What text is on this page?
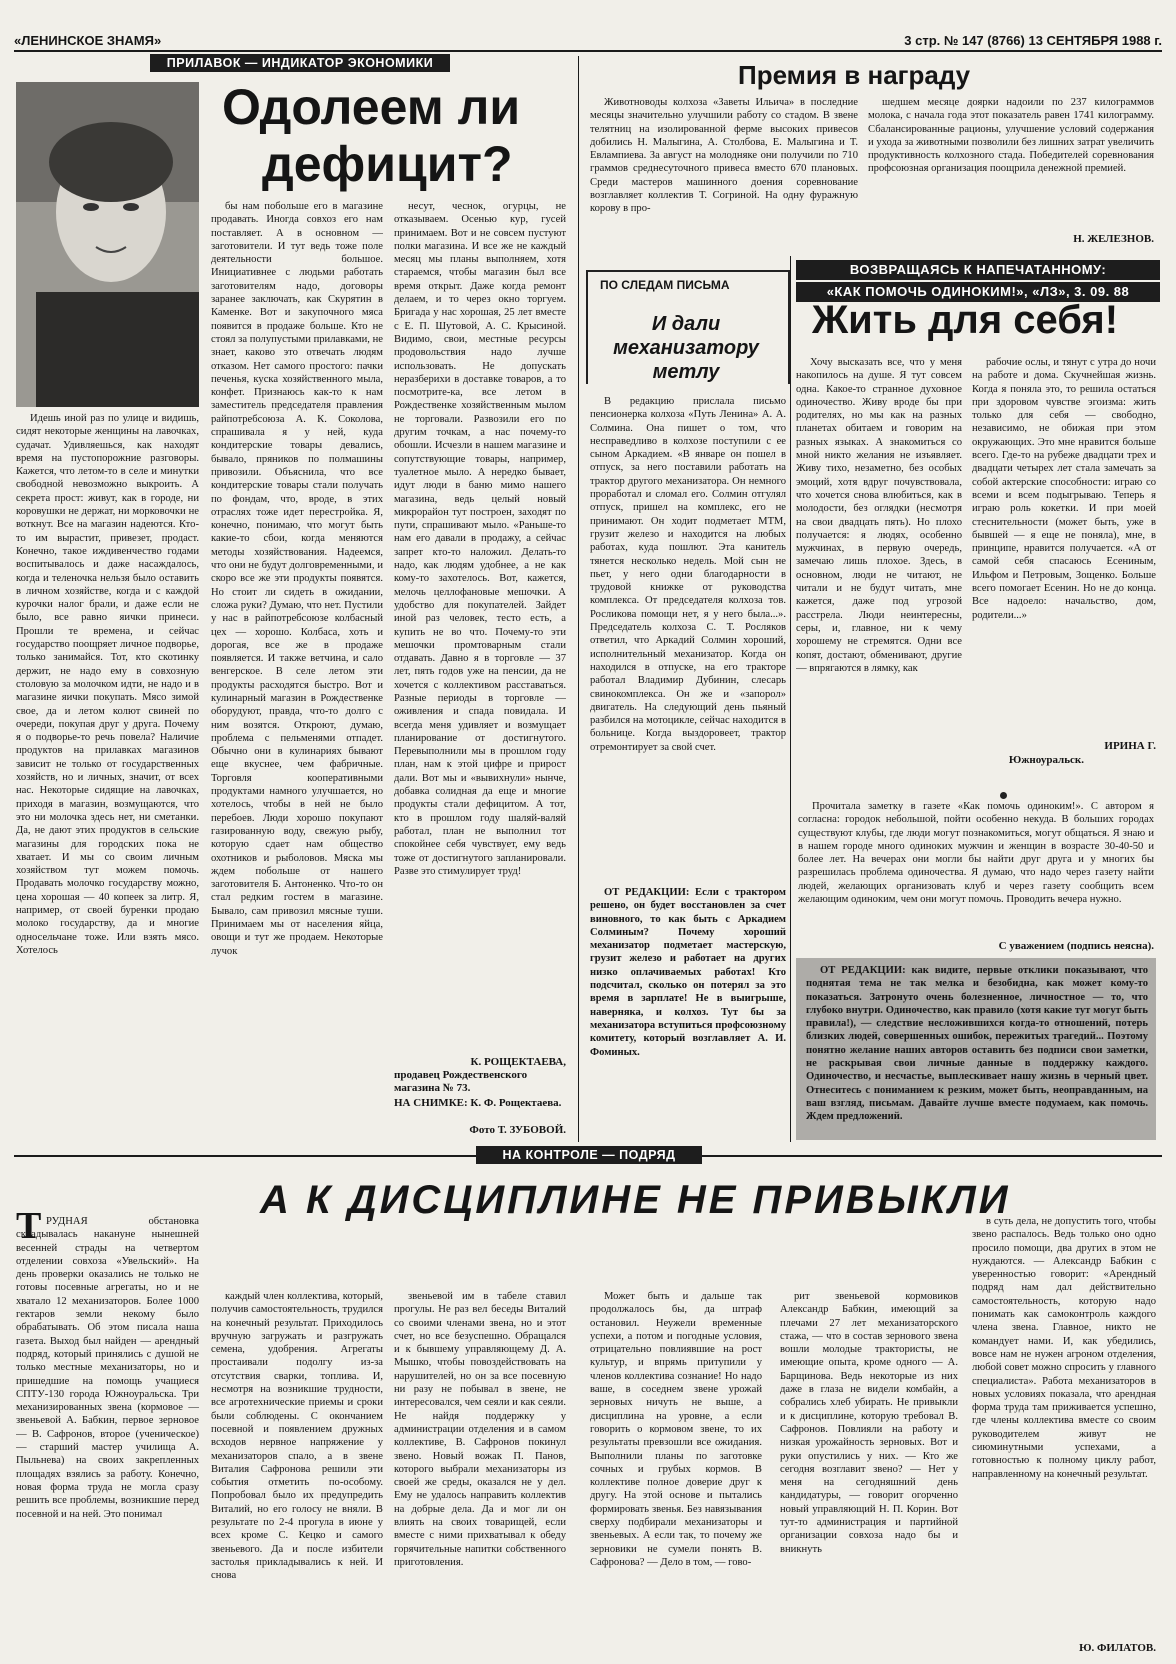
«ЛЕНИНСКОЕ ЗНАМЯ»	3 стр. № 147 (8766) 13 СЕНТЯБРЯ 1988 г.
ПРИЛАВОК — ИНДИКАТОР ЭКОНОМИКИ
Одолеем ли
дефицит?

Идешь иной раз по улице и видишь, сидят некоторые женщины на лавочках, судачат. Удивляешься, как находят время на пустопорожние разговоры. Кажется, что летом-то в селе и минутки свободной невозможно выкроить. А секрета прост: живут, как в городе, ни коровушки не держат, ни морковочки не воткнут. Все на магазин надеются. Кто-то им вырастит, привезет, продаст. Конечно, такое иждивенчество годами воспитывалось и даже насаждалось, когда и теленочка нельзя было оставить в личном хозяйстве, когда и с каждой курочки налог брали, и даже если не было, все равно яички принеси. Прошли те времена, и сейчас государство поощряет личное подворье, только занимайся. Тот, кто скотинку держит, не надо ему в совхозную столовую за молочком идти, не надо и в магазине яички покупать. Мясо зимой свое, да и летом колют свиней по очереди, покупая друг у друга. Почему я о подворье-то речь повела? Наличие продуктов на прилавках магазинов зависит не только от государственных хозяйств, но и личных, значит, от всех нас. Некоторые сидящие на лавочках, приходя в магазин, возмущаются, что это ни молочка здесь нет, ни сметанки. Да, не дают этих продуктов в сельские магазины для городских пока не хватает. И мы со своим личным хозяйством тут можем помочь. Продавать молочко государству можно, цена хорошая — 40 копеек за литр. Я, например, от своей буренки продаю молоко государству, да и многие односельчане тоже. Или взять мясо. Хотелось

бы нам побольше его в магазине продавать. Иногда совхоз его нам поставляет. А в основном — заготовители. И тут ведь тоже поле деятельности большое. Инициативнее с людьми работать заготовителям надо, договоры заранее заключать, как Скурятин в Каменке. Вот и закупочного мяса появится в продаже больше. Кто не стоял за полупустыми прилавками, не знает, каково это отвечать людям отказом. Нет самого простого: пачки печенья, куска хозяйственного мыла, конфет. Признаюсь как-то к нам заместитель председателя правления райпотребсоюза А. К. Соколова, спрашивала я у ней, куда кондитерские товары девались, бывало, пряников по полмашины привозили. Объяснила, что все кондитерские товары стали получать по фондам, что, вроде, в этих отраслях тоже идет перестройка. Я, конечно, понимаю, что могут быть какие-то сбои, когда меняются методы хозяйствования. Надеемся, что они не будут долговременными, и скоро все же эти продукты появятся. Но стоит ли сидеть в ожидании, сложа руки? Думаю, что нет. Пустили у нас в райпотребсоюзе колбасный цех — хорошо. Колбаса, хоть и дорогая, все же в продаже появляется. И также ветчина, и сало венгерское. В селе летом эти продукты расходятся быстро. Вот и кулинарный магазин в Рождественке оборудуют, правда, что-то долго с ним возятся. Откроют, думаю, проблема с пельменями отпадет. Обычно они в кулинариях бывают еще вкуснее, чем фабричные. Торговля кооперативными продуктами намного улучшается, но хотелось, чтобы в ней не было перебоев. Люди хорошо покупают газированную воду, свежую рыбу, которую сдает нам общество охотников и рыболовов. Мяска мы ждем побольше от нашего заготовителя Б. Антоненко. Что-то он стал редким гостем в магазине. Бывало, сам привозил мясные туши. Принимаем мы от населения яйца, овощи и тут же продаем. Некоторые лучок

несут, чеснок, огурцы, не отказываем. Осенью кур, гусей принимаем. Вот и не совсем пустуют полки магазина. И все же не каждый месяц мы планы выполняем, хотя стараемся, чтобы магазин был все время открыт. Даже когда ремонт делаем, и то через окно торгуем. Бригада у нас хорошая, 25 лет вместе с Е. П. Шутовой, А. С. Крысиной. Видимо, свои, местные ресурсы продовольствия надо лучше использовать. Не допускать неразберихи в доставке товаров, а то посмотрите-ка, все летом в Рождественке хозяйственным мылом не торговали. Развозили его по другим точкам, а нас почему-то обошли. Исчезли в нашем магазине и сопутствующие товары, например, туалетное мыло. А нередко бывает, идут люди в баню мимо нашего магазина, ведь целый новый микрорайон тут построен, заходят по пути, спрашивают мыло. «Раньше-то нам его давали в продажу, а сейчас запрет кто-то наложил. Делать-то надо, как людям удобнее, а не как кому-то захотелось. Вот, кажется, мелочь целлофановые мешочки. А удобство для покупателей. Зайдет иной раз человек, тесто есть, а купить не во что. Почему-то эти мешочки промтоварным стали отдавать. Давно я в торговле — 37 лет, пять годов уже на пенсии, да не хочется с коллективом расставаться. Разные периоды в торговле — оживления и спада повидала. И всегда меня удивляет и возмущает планирование от достигнутого. Перевыполнили мы в прошлом году план, нам к этой цифре и прирост дали. Вот мы и «вывихнули» нынче, добавка солидная да еще и многие продукты стали дефицитом. А тот, кто в прошлом году шаляй-валяй работал, план не выполнил тот спокойнее себя чувствует, ему ведь тоже от достигнутого запланировали. Разве это стимулирует труд!

К. РОЩЕКТАЕВА,
продавец Рождественского магазина № 73.
НА СНИМКЕ: К. Ф. Рощектаева.
Фото Т. ЗУБОВОЙ.
Премия в награду

Животноводы колхоза «Заветы Ильича» в последние месяцы значительно улучшили работу со стадом. В звене телятниц на изолированной ферме высоких привесов добились Н. Малыгина, А. Столбова, Е. Малыгина и Т. Евлампиева. За август на молодняке они получили по 710 граммов среднесуточного привеса вместо 670 плановых. Среди мастеров машинного доения соревнование возглавляет коллектив Т. Согриной. На одну фуражную корову в про-

шедшем месяце доярки надоили по 237 килограммов молока, с начала года этот показатель равен 1741 килограмму. Сбалансированные рационы, улучшение условий содержания и ухода за животными позволили без лишних затрат увеличить продуктивность колхозного стада. Победителей соревнования профсоюзная организация поощрила денежной премией.

Н. ЖЕЛЕЗНОВ.
ПО СЛЕДАМ ПИСЬМА
И дали механизатору метлу

В редакцию прислала письмо пенсионерка колхоза «Путь Ленина» А. А. Солмина. Она пишет о том, что несправедливо в колхозе поступили с ее сыном Аркадием. «В январе он пошел в отпуск, за него поставили работать на трактор другого механизатора. Он немного проработал и сломал его. Солмин отгулял отпуск, пришел на комплекс, его не принимают. Он ходит подметает МТМ, грузит железо и находится на любых работах, куда пошлют. Эта канитель тянется несколько недель. Мой сын не пьет, у него одни благодарности в трудовой книжке от руководства комплекса. От председателя колхоза тов. Росликова помощи нет, я у него была...». Председатель колхоза С. Т. Росляков ответил, что Аркадий Солмин хороший, исполнительный механизатор. Когда он находился в отпуске, на его тракторе работал Владимир Дубинин, слесарь свинокомплекса. Он же и «запорол» двигатель. На следующий день пьяный разбился на мотоцикле, сейчас находится в больнице. Когда выздоровеет, трактор отремонтирует за свой счет.

ОТ РЕДАКЦИИ: Если с трактором решено, он будет восстановлен за счет виновного, то как быть с Аркадием Солминым? Почему хороший механизатор подметает мастерскую, грузит железо и работает на других низко оплачиваемых работах! Кто подсчитал, сколько он потерял за это время в зарплате! Не в выигрыше, наверняка, и колхоз. Тут бы за механизатора вступиться профсоюзному комитету, который возглавляет А. И. Фоминых.

ВОЗВРАЩАЯСЬ К НАПЕЧАТАННОМУ:
«КАК ПОМОЧЬ ОДИНОКИМ!», «ЛЗ», 3. 09. 88
Жить для себя!

Хочу высказать все, что у меня накопилось на душе. Я тут совсем одна. Какое-то странное духовное одиночество. Живу вроде бы при родителях, но мы как на разных планетах обитаем и говорим на разных языках. А знакомиться со мной никто желания не изъявляет. Живу тихо, незаметно, без особых эмоций, хотя вдруг почувствовала, что хочется снова влюбиться, как в молодости, без оглядки (несмотря на свои двадцать пять). Но плохо получается: я людях, особенно мужчинах, в первую очередь, замечаю лишь плохое. Здесь, в основном, люди не читают, не читали и не будут читать, мне кажется, даже под угрозой расстрела. Люди неинтересны, серы, и, главное, ни к чему хорошему не стремятся. Одни все копят, достают, обменивают, другие — впрягаются в лямку, как

рабочие ослы, и тянут с утра до ночи на работе и дома. Скучнейшая жизнь. Когда я поняла это, то решила остаться при здоровом чувстве эгоизма: жить только для себя — свободно, независимо, не обижая при этом окружающих. Это мне нравится больше всего. Где-то на рубеже двадцати трех и двадцати четырех лет стала замечать за собой актерские способности: играю со всеми и всем подыгрываю. Теперь я играю роль кокетки. И при моей стеснительности (может быть, уже в бывшей — я еще не поняла), мне, в принципе, нравится получается. «А от самой себя спасаюсь Есениным, Ильфом и Петровым, Зощенко. Больше всего помогает Есенин. Но не до конца. Все надоело: начальство, дом, родители...»

ИРИНА Г.
Южноуральск.

Прочитала заметку в газете «Как помочь одиноким!». С автором я согласна: городок небольшой, пойти особенно некуда. В больших городах существуют клубы, где люди могут познакомиться, могут общаться. Я знаю и в нашем городе много одиноких мужчин и женщин в возрасте 30-40-50 и более лет. На вечерах они могли бы найти друг друга и у многих бы разрешилась проблема одиночества. Я думаю, что надо через газету найти людей, желающих организовать клуб и через газету сообщить всем желающим одиноким, чем они могут помочь. Проводить вечера нужно.

С уважением (подпись неясна).

ОТ РЕДАКЦИИ: как видите, первые отклики показывают, что поднятая тема не так мелка и безобидна, как может кому-то показаться. Затронуто очень болезненное, личностное — то, что глубоко внутри. Одиночество, как правило (хотя какие тут могут быть правила!), — следствие несложившихся когда-то отношений, потерь близких людей, совершенных ошибок, пережитых трагедий... Поэтому понятно желание наших авторов оставить без подписи свои заметки, не раскрывая свои личные данные в поддержку каждого. Одиночество, и несчастье, выплескивает нашу жизнь в черный цвет. Отнеситесь с пониманием к резким, может быть, неоправданным, на ваш взгляд, письмам. Давайте лучше вместе подумаем, как помочь. Ждем предложений.

НА КОНТРОЛЕ — ПОДРЯД
А К ДИСЦИПЛИНЕ НЕ ПРИВЫКЛИ
Т РУДНАЯ обстановка складывалась накануне нынешней весенней страды на четвертом отделении совхоза «Увельский». На день проверки оказались не только не готовы посевные агрегаты, но и не хватало 12 механизаторов. Более 1000 гектаров земли некому было обрабатывать. Об этом писала наша газета. Выход был найден — арендный подряд, который принялись с душой не только местные механизаторы, но и пришедшие на помощь учащиеся СПТУ-130 города Южноуральска. Три механизированных звена (кормовое — звеньевой А. Бабкин, первое зерновое — В. Сафронов, второе (ученическое) — старший мастер училища А. Пыльнева) на своих закрепленных площадях взялись за работу. Конечно, новая форма труда не могла сразу решить все проблемы, возникшие перед посевной и на ней. Это понимал

каждый член коллектива, который, получив самостоятельность, трудился на конечный результат. Приходилось вручную загружать и разгружать семена, удобрения. Агрегаты простаивали подолгу из-за отсутствия сварки, топлива. И, несмотря на возникшие трудности, все агротехнические приемы и сроки были соблюдены. С окончанием посевной и появлением дружных всходов нервное напряжение у механизаторов спало, а в звене Виталия Сафронова решили эти события отметить по-особому. Попробовал было их предупредить Виталий, но его голосу не вняли. В результате по 2-4 прогула в июне у всех кроме С. Кецко и самого звеньевого. Да и после избители застолья прикладывались к ней. И снова

звеньевой им в табеле ставил прогулы. Не раз вел беседы Виталий со своими членами звена, но и этот счет, но все безуспешно. Обращался и к бывшему управляющему Д. А. Мышко, чтобы повоздействовать на нарушителей, но он за все посевную ни разу не побывал в звене, не интересовался, чем сеяли и как сеяли. Не найдя поддержку у администрации отделения и в самом коллективе, В. Сафронов покинул звено. Новый вожак П. Панов, которого выбрали механизаторы из своей же среды, оказался не у дел. Ему не удалось направить коллектив на добрые дела. Да и мог ли он влиять на своих товарищей, если вместе с ними прихватывал к обеду горячительные напитки собственного приготовления.

Может быть и дальше так продолжалось бы, да штраф остановил. Неужели временные успехи, а потом и погодные условия, отрицательно повлиявшие на рост культур, и впрямь притупили у членов коллектива сознание! Но надо ваше, в соседнем звене урожай зерновых ничуть не выше, а дисциплина на уровне, а если говорить о кормовом звене, то их результаты превзошли все ожидания. Выполнили планы по заготовке сочных и грубых кормов. В коллективе полное доверие друг к другу. На этой основе и пытались формировать звенья. Без навязывания сверху подбирали механизаторы и звеньевых. А если так, то почему же зерновики не сумели понять В. Сафронова? — Дело в том, — гово-

рит звеньевой кормовиков Александр Бабкин, имеющий за плечами 27 лет механизаторского стажа, — что в состав зернового звена вошли молодые трактористы, не имеющие опыта, кроме одного — А. Барщинова. Ведь некоторые из них даже в глаза не видели комбайн, а собрались хлеб убирать. Не привыкли и к дисциплине, которую требовал В. Сафронов. Повлияли на работу и низкая урожайность зерновых. Вот и руки опустились у них. — Кто же сегодня возглавит звено? — Нет у меня на сегодняшний день кандидатуры, — говорит огорченно новый управляющий Н. П. Корин. Вот тут-то администрация и партийной организации совхоза надо бы и вникнуть

в суть дела, не допустить того, чтобы звено распалось. Ведь только оно одно просило помощи, два других в этом не нуждаются. — Александр Бабкин с уверенностью говорит: «Арендный подряд нам дал действительно самостоятельность, которую надо понимать как самоконтроль каждого члена звена. Главное, никто не командует нами. И, как убедились, вовсе нам не нужен агроном отделения, любой совет можно спросить у главного специалиста». Работа механизаторов в новых условиях показала, что арендная форма труда там приживается успешно, где члены коллектива вместе со своим руководителем живут не сиюминутными успехами, а готовностью к полному циклу работ, направленному на конечный результат.

Ю. ФИЛАТОВ.
